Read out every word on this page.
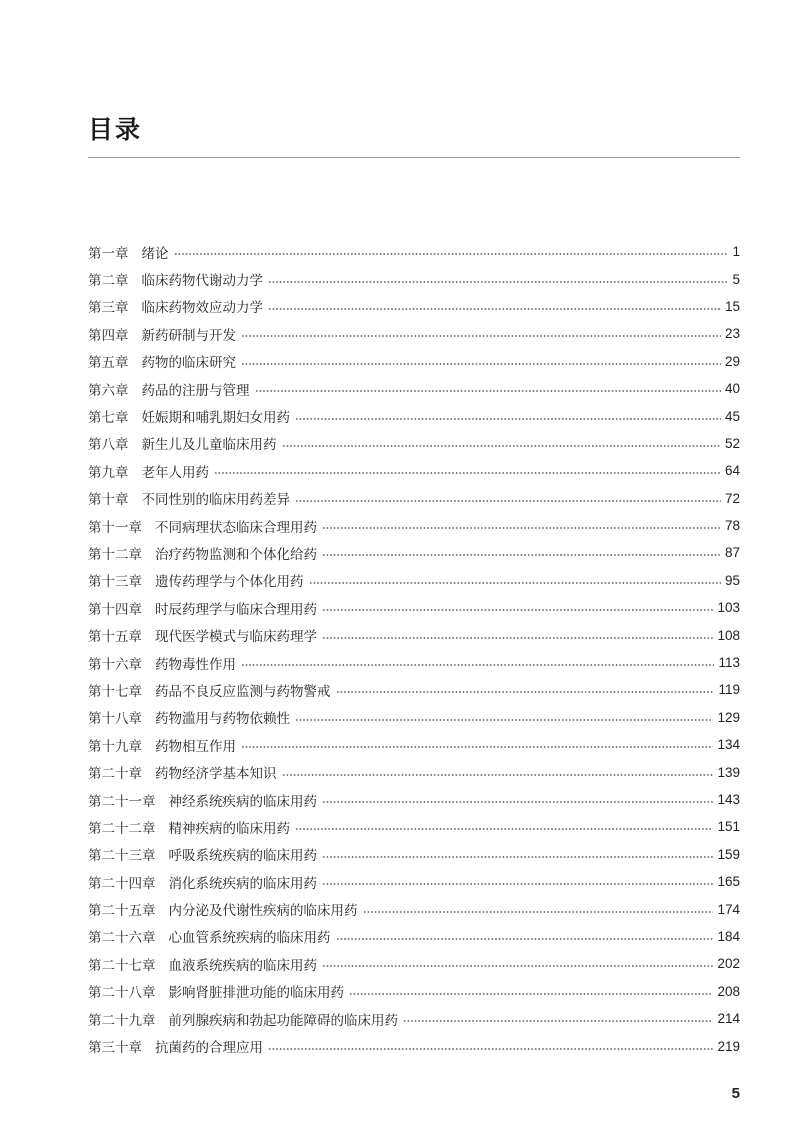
目录
第一章 绪论	1
第二章 临床药物代谢动力学	5
第三章 临床药物效应动力学	15
第四章 新药研制与开发	23
第五章 药物的临床研究	29
第六章 药品的注册与管理	40
第七章 妊娠期和哺乳期妇女用药	45
第八章 新生儿及儿童临床用药	52
第九章 老年人用药	64
第十章 不同性别的临床用药差异	72
第十一章 不同病理状态临床合理用药	78
第十二章 治疗药物监测和个体化给药	87
第十三章 遗传药理学与个体化用药	95
第十四章 时辰药理学与临床合理用药	103
第十五章 现代医学模式与临床药理学	108
第十六章 药物毒性作用	113
第十七章 药品不良反应监测与药物警戒	119
第十八章 药物滥用与药物依赖性	129
第十九章 药物相互作用	134
第二十章 药物经济学基本知识	139
第二十一章 神经系统疾病的临床用药	143
第二十二章 精神疾病的临床用药	151
第二十三章 呼吸系统疾病的临床用药	159
第二十四章 消化系统疾病的临床用药	165
第二十五章 内分泌及代谢性疾病的临床用药	174
第二十六章 心血管系统疾病的临床用药	184
第二十七章 血液系统疾病的临床用药	202
第二十八章 影响肾脏排泄功能的临床用药	208
第二十九章 前列腺疾病和勃起功能障碍的临床用药	214
第三十章 抗菌药的合理应用	219
5
